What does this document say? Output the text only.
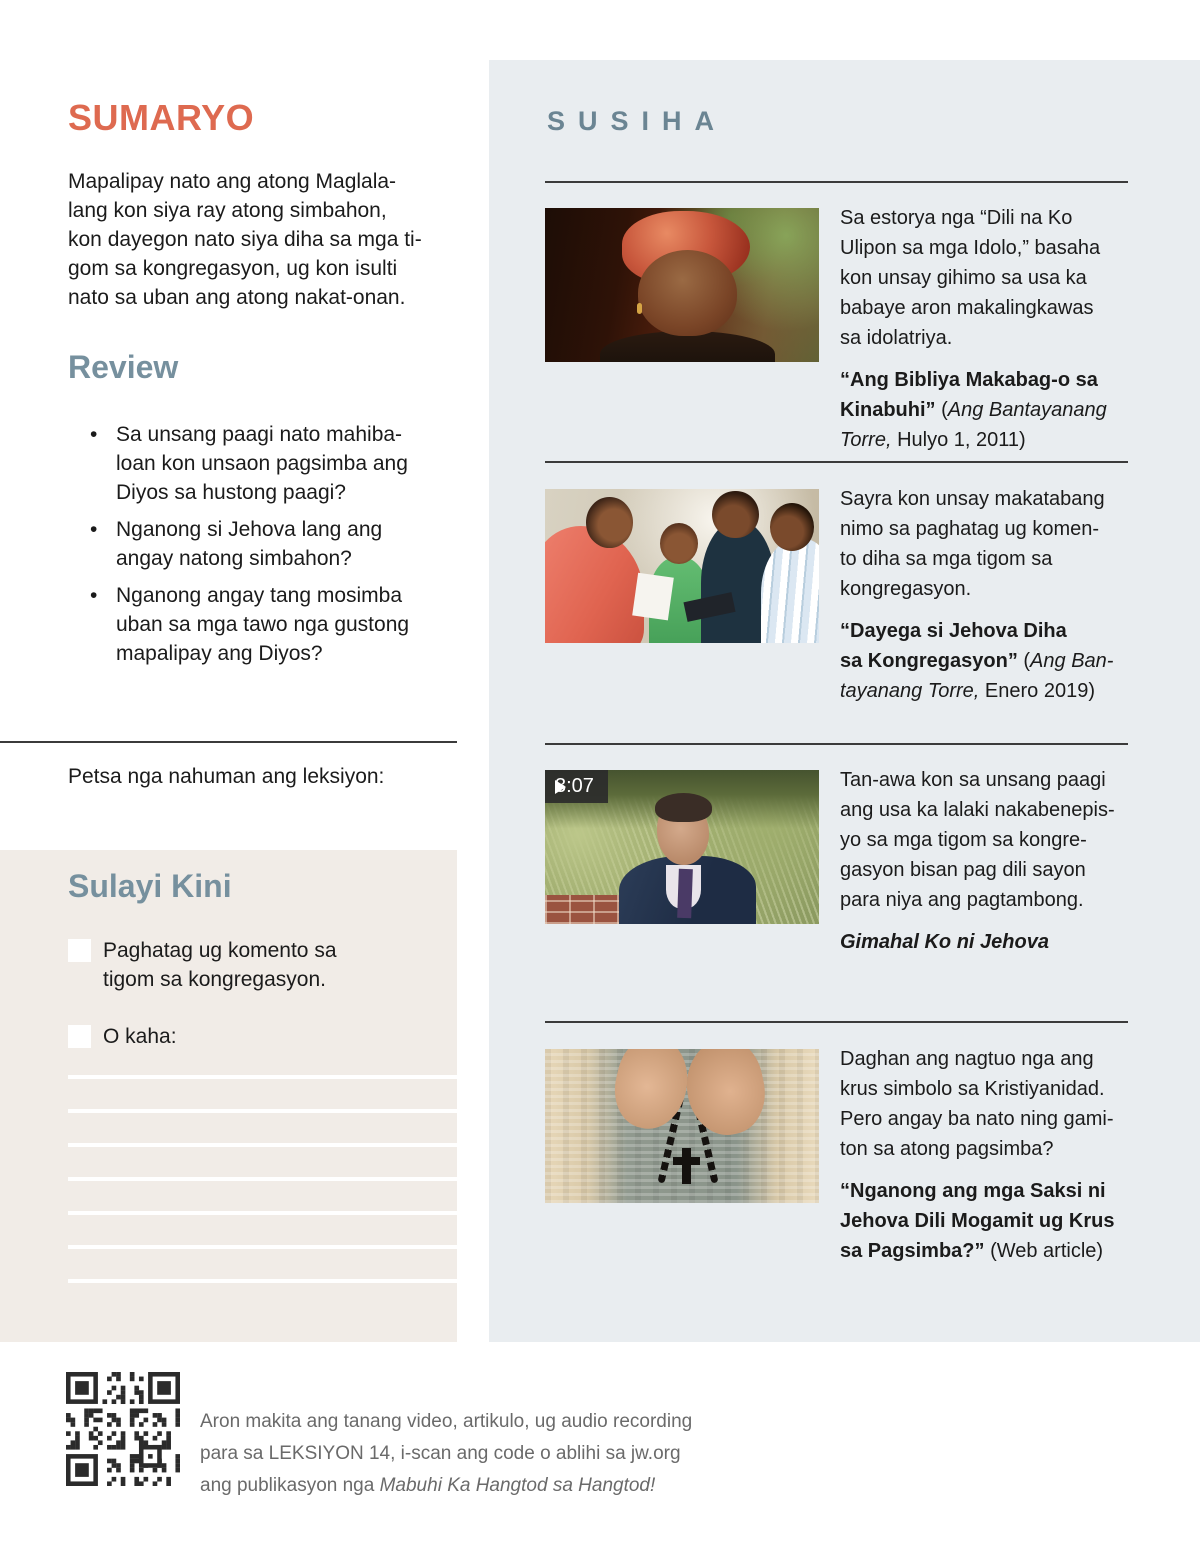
SUMARYO
Mapalipay nato ang atong Maglala-
lang kon siya ray atong simbahon,
kon dayegon nato siya diha sa mga ti-
gom sa kongregasyon, ug kon isulti
nato sa uban ang atong nakat-onan.
Review
• Sa unsang paagi nato mahiba-
loan kon unsaon pagsimba ang
Diyos sa hustong paagi?
• Nganong si Jehova lang ang
angay natong simbahon?
• Nganong angay tang mosimba
uban sa mga tawo nga gustong
mapalipay ang Diyos?
Petsa nga nahuman ang leksiyon:
Sulayi Kini
Paghatag ug komento sa
tigom sa kongregasyon.
O kaha:
SUSIHA
Sa estorya nga “Dili na Ko
Ulipon sa mga Idolo,” basaha
kon unsay gihimo sa usa ka
babaye aron makalingkawas
sa idolatriya.
“Ang Bibliya Makabag-o sa
Kinabuhi” (Ang Bantayanang
Torre, Hulyo 1, 2011)
Sayra kon unsay makatabang
nimo sa paghatag ug komen-
to diha sa mga tigom sa
kongregasyon.
“Dayega si Jehova Diha
sa Kongregasyon” (Ang Ban-
tayanang Torre, Enero 2019)
3:07	Tan-awa kon sa unsang paagi
ang usa ka lalaki nakabenepis-
yo sa mga tigom sa kongre-
gasyon bisan pag dili sayon
para niya ang pagtambong.
Gimahal Ko ni Jehova
Daghan ang nagtuo nga ang
krus simbolo sa Kristiyanidad.
Pero angay ba nato ning gami-
ton sa atong pagsimba?
“Nganong ang mga Saksi ni
Jehova Dili Mogamit ug Krus
sa Pagsimba?” (Web article)
Aron makita ang tanang video, artikulo, ug audio recording
para sa LEKSIYON 14, i-scan ang code o ablihi sa jw.org
ang publikasyon nga Mabuhi Ka Hangtod sa Hangtod!
